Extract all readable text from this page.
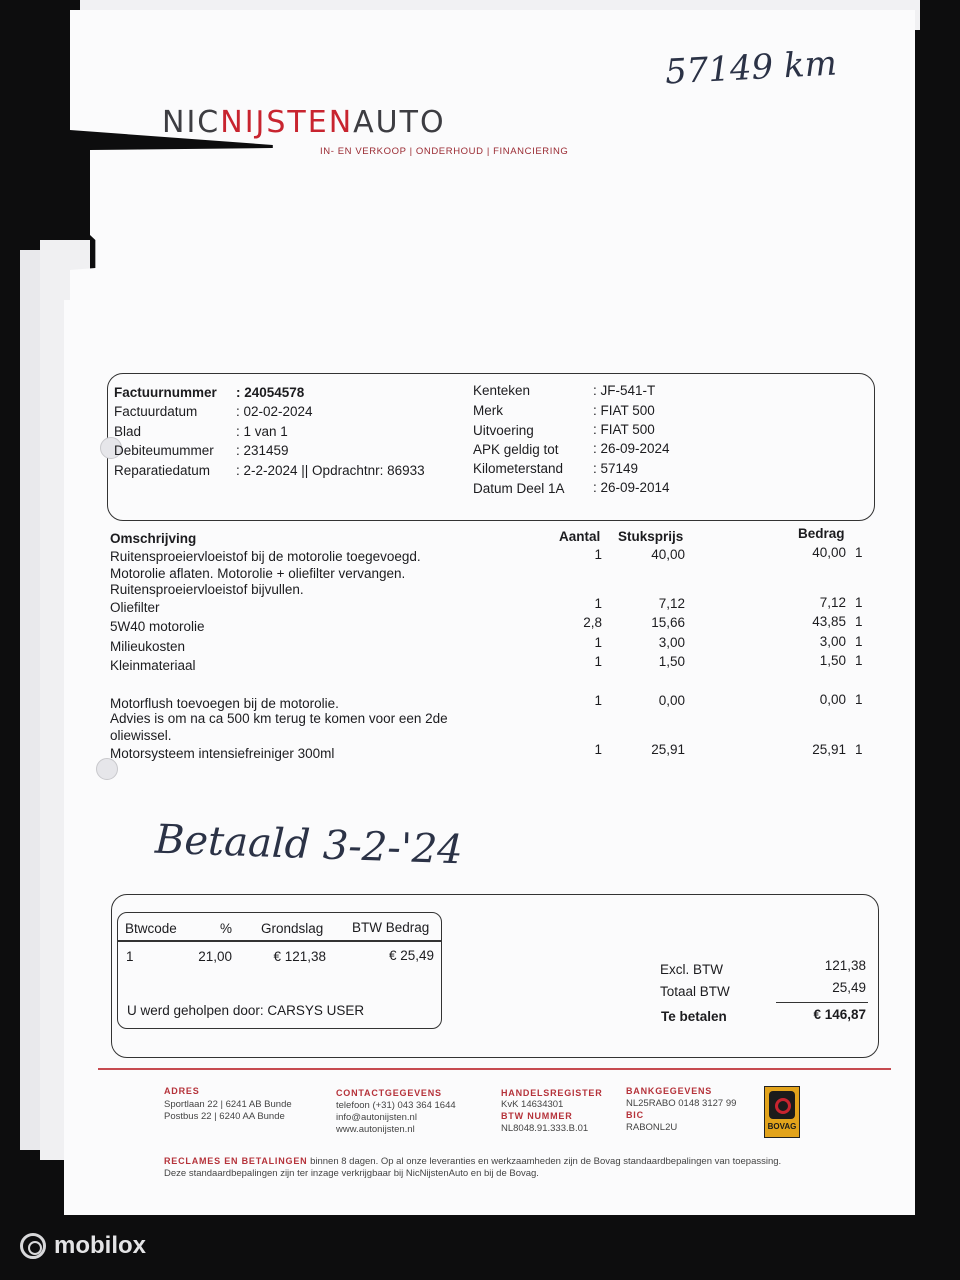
57149 km
NICNIJSTENAUTO
IN- EN VERKOOP | ONDERHOUD | FINANCIERING
Factuurnummer : 24054578
Factuurdatum	: 02-02-2024
Blad	: 1 van 1
Debiteumummer : 231459
Reparatiedatum : 2-2-2024 || Opdrachtnr: 86933
Kenteken	: JF-541-T
Merk	: FIAT 500
Uitvoering	: FIAT 500
APK geldig tot	: 26-09-2024
Kilometerstand : 57149
Datum Deel 1A : 26-09-2014
Omschrijving	Aantal Stuksprijs	Bedrag
Ruitensproeiervloeistof bij de motorolie toegevoegd.
Motorolie aflaten. Motorolie + oliefilter vervangen.
Ruitensproeiervloeistof bijvullen.
1	40,00	40,00 1
Oliefilter	1	7,12	7,12 1
5W40 motorolie	2,8	15,66	43,85 1
Milieukosten	1	3,00	3,00 1
Kleinmateriaal	1	1,50	1,50 1
Motorflush toevoegen bij de motorolie.
Advies is om na ca 500 km terug te komen voor een 2de
oliewissel.
1	0,00	0,00 1
Motorsysteem intensiefreiniger 300ml	1	25,91	25,91 1
Betaald 3-2-'24
Btwcode	% Grondslag BTW Bedrag
1	21,00	€ 121,38	€ 25,49
U werd geholpen door: CARSYS USER
Excl. BTW	121,38
Totaal BTW	25,49
Te betalen	€ 146,87
ADRES
Sportlaan 22 | 6241 AB Bunde
Postbus 22 | 6240 AA Bunde
CONTACTGEGEVENS
telefoon (+31) 043 364 1644
info@autonijsten.nl
www.autonijsten.nl
HANDELSREGISTER
KvK 14634301
BTW NUMMER
NL8048.91.333.B.01
BANKGEGEVENS
NL25RABO 0148 3127 99
BIC
RABONL2U	BOVAG
RECLAMES EN BETALINGEN binnen 8 dagen. Op al onze leveranties en werkzaamheden zijn de Bovag standaardbepalingen van toepassing.
Deze standaardbepalingen zijn ter inzage verkrijgbaar bij NicNijstenAuto en bij de Bovag.
mobilox
